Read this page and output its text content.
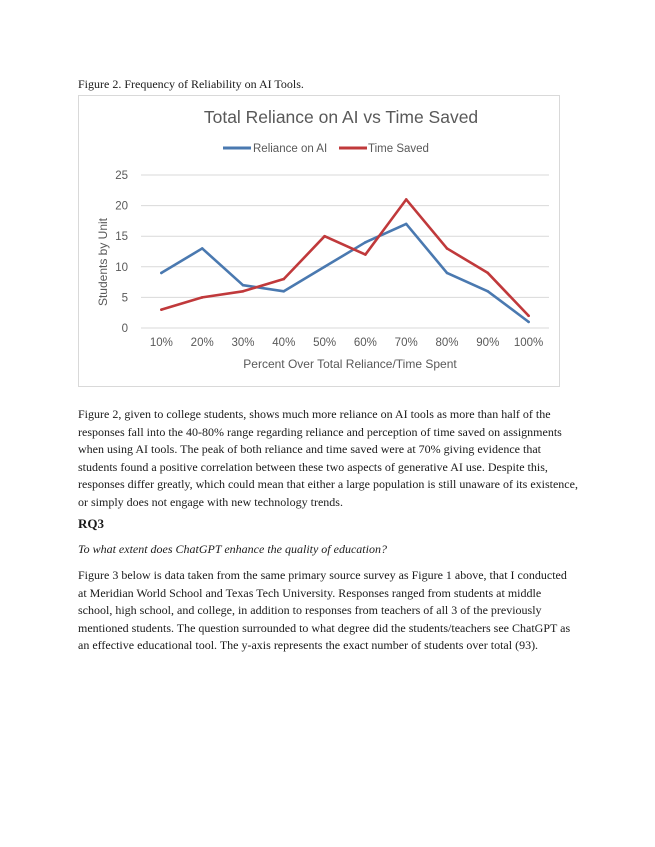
Figure 2. Frequency of Reliability on AI Tools.
Total Reliance on AI vs Time Saved
Reliance on AI	Time Saved
0
5
10
15
20
25
10% 20% 30% 40% 50% 60% 70% 80% 90% 100%
Students by Unit
Percent Over Total Reliance/Time Spent
Figure 2, given to college students, shows much more reliance on AI tools as more than half of the responses fall into the 40-80% range regarding reliance and perception of time saved on assignments when using AI tools. The peak of both reliance and time saved were at 70% giving evidence that students found a positive correlation between these two aspects of generative AI use. Despite this, responses differ greatly, which could mean that either a large population is still unaware of its existence, or simply does not engage with new technology trends.
RQ3
To what extent does ChatGPT enhance the quality of education?
Figure 3 below is data taken from the same primary source survey as Figure 1 above, that I conducted at Meridian World School and Texas Tech University. Responses ranged from students at middle school, high school, and college, in addition to responses from teachers of all 3 of the previously mentioned students. The question surrounded to what degree did the students/teachers see ChatGPT as an effective educational tool. The y-axis represents the exact number of students over total (93).
